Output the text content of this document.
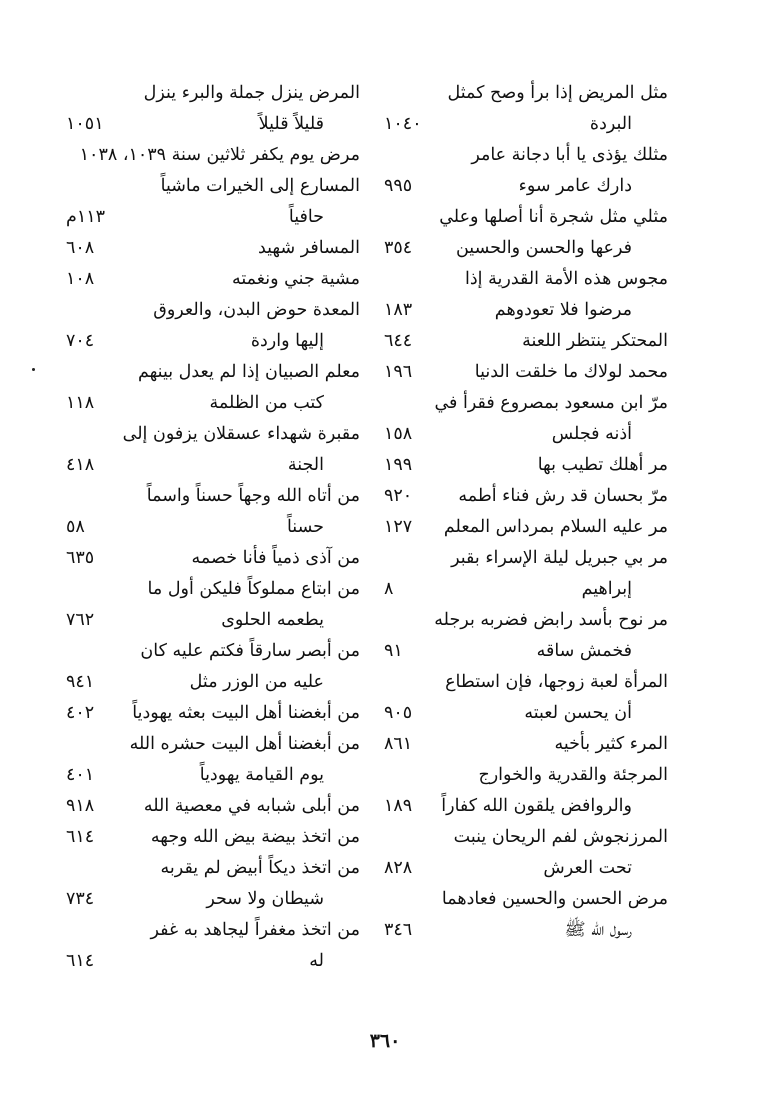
مثل المريض إذا برأ وصح كمثل
البردة
١٠٤٠
مثلك يؤذى يا أبا دجانة عامر
دارك عامر سوء
٩٩٥
مثلي مثل شجرة أنا أصلها وعلي
فرعها والحسن والحسين
٣٥٤
مجوس هذه الأمة القدرية إذا
مرضوا فلا تعودوهم
١٨٣
المحتكر ينتظر اللعنة
٦٤٤
محمد لولاك ما خلقت الدنيا
١٩٦
مرّ ابن مسعود بمصروع فقرأ في
أذنه فجلس
١٥٨
مر أهلك تطيب بها
١٩٩
مرّ بحسان قد رش فناء أطمه
٩٢٠
مر عليه السلام بمرداس المعلم
١٢٧
مر بي جبريل ليلة الإسراء بقبر
إبراهيم
٨
مر نوح بأسد رابض فضربه برجله
فخمش ساقه
٩١
المرأة لعبة زوجها، فإن استطاع
أن يحسن لعبته
٩٠٥
المرء كثير بأخيه
٨٦١
المرجئة والقدرية والخوارج
والروافض يلقون الله كفاراً
١٨٩
المرزنجوش لفم الريحان ينبت
تحت العرش
٨٢٨
مرض الحسن والحسين فعادهما
رسول الله ﷺ
٣٤٦
المرض ينزل جملة والبرء ينزل
قليلاً قليلاً
١٠٥١
مرض يوم يكفر ثلاثين سنة ١٠٣٩، ١٠٣٨
المسارع إلى الخيرات ماشياً
حافياً
١١٣م
المسافر شهيد
٦٠٨
مشية جني ونغمته
١٠٨
المعدة حوض البدن، والعروق
إليها واردة
٧٠٤
معلم الصبيان إذا لم يعدل بينهم
كتب من الظلمة
١١٨
مقبرة شهداء عسقلان يزفون إلى
الجنة
٤١٨
من أتاه الله وجهاً حسناً واسماً
حسناً
٥٨
من آذى ذمياً فأنا خصمه
٦٣٥
من ابتاع مملوكاً فليكن أول ما
يطعمه الحلوى
٧٦٢
من أبصر سارقاً فكتم عليه كان
عليه من الوزر مثل
٩٤١
من أبغضنا أهل البيت بعثه يهودياً
٤٠٢
من أبغضنا أهل البيت حشره الله
يوم القيامة يهودياً
٤٠١
من أبلى شبابه في معصية الله
٩١٨
من اتخذ بيضة بيض الله وجهه
٦١٤
من اتخذ ديكاً أبيض لم يقربه
شيطان ولا سحر
٧٣٤
من اتخذ مغفراً ليجاهد به غفر
له
٦١٤
٣٦٠
